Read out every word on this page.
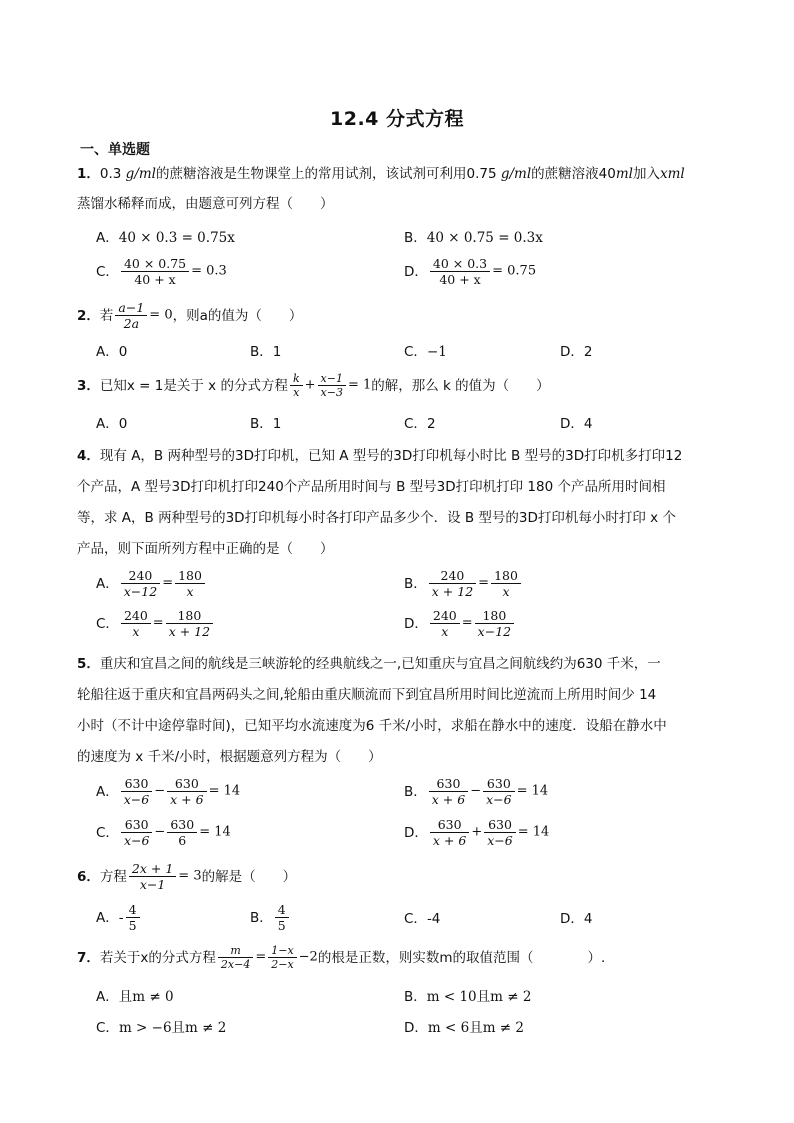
12.4 分式方程
一、单选题
1．0.3 g/ml的蔗糖溶液是生物课堂上的常用试剂，该试剂可利用0.75 g/ml的蔗糖溶液40ml加入xml
蒸馏水稀释而成，由题意可列方程（　　）
A．40 × 0.3 = 0.75x	B．40 × 0.75 = 0.3x
C． $\frac{40 \times 0.75}{40 + x} = 0.3$	D． $\frac{40 \times 0.3}{40 + x} = 0.75$
2．若 $\frac{a-1}{2a} = 0$，则a的值为（　　）
A．0	B．1	C．−1	D．2
3．已知x = 1是关于 x 的分式方程 $\frac{k}{x} + \frac{x-1}{x-3} = 1$的解，那么 k 的值为（　　）
A．0	B．1	C．2	D．4
4．现有 A，B 两种型号的3D打印机，已知 A 型号的3D打印机每小时比 B 型号的3D打印机多打印12
个产品，A 型号3D打印机打印240个产品所用时间与 B 型号3D打印机打印 180 个产品所用时间相
等，求 A，B 两种型号的3D打印机每小时各打印产品多少个．设 B 型号的3D打印机每小时打印 x 个
产品，则下面所列方程中正确的是（　　）
A． $\frac{240}{x-12} = \frac{180}{x}$	B． $\frac{240}{x + 12} = \frac{180}{x}$
C． $\frac{240}{x} = \frac{180}{x + 12}$	D． $\frac{240}{x} = \frac{180}{x-12}$
5．重庆和宜昌之间的航线是三峡游轮的经典航线之一,已知重庆与宜昌之间航线约为630 千米，一
轮船往返于重庆和宜昌两码头之间,轮船由重庆顺流而下到宜昌所用时间比逆流而上所用时间少 14
小时（不计中途停靠时间)，已知平均水流速度为6 千米/小时，求船在静水中的速度．设船在静水中
的速度为 x 千米/小时，根据题意列方程为（　　）
A． $\frac{630}{x-6} - \frac{630}{x + 6} = 14$	B． $\frac{630}{x + 6} - \frac{630}{x-6} = 14$
C． $\frac{630}{x-6} - \frac{630}{6} = 14$	D． $\frac{630}{x + 6} + \frac{630}{x-6} = 14$
6．方程 $\frac{2x + 1}{x-1} = 3$的解是（　　）
A．- $\frac{4}{5}$	B． $\frac{4}{5}$	C．-4	D．4
7．若关于x的分式方程 $\frac{m}{2x-4} = \frac{1-x}{2-x} -2$的根是正数，则实数m的取值范围（　　　　）.
A．且m ≠ 0	B．m < 10且m ≠ 2
C．m > −6且m ≠ 2	D．m < 6且m ≠ 2
